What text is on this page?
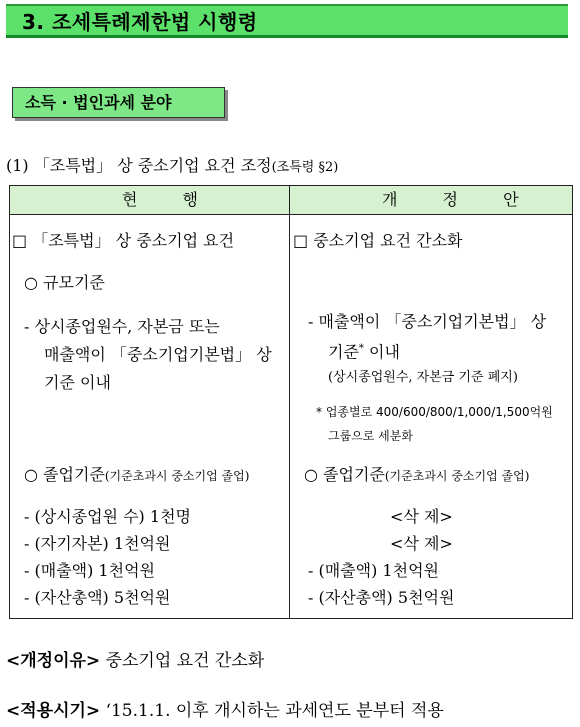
3. 조세특례제한법 시행령
소득 · 법인과세 분야
(1) 「조특법」 상 중소기업 요건 조정(조특령 §2)
현 행	개 정 안
□ 「조특법」 상 중소기업 요건
○ 규모기준
- 상시종업원수, 자본금 또는
매출액이 「중소기업기본법」 상
기준 이내
○ 졸업기준(기준초과시 중소기업 졸업)
- (상시종업원 수) 1천명
- (자기자본) 1천억원
- (매출액) 1천억원
- (자산총액) 5천억원
□ 중소기업 요건 간소화
- 매출액이 「중소기업기본법」 상
기준* 이내
(상시종업원수, 자본금 기준 폐지)
* 업종별로 400/600/800/1,000/1,500억원
그룹으로 세분화
○ 졸업기준(기준초과시 중소기업 졸업)
<삭 제>
<삭 제>
- (매출액) 1천억원
- (자산총액) 5천억원
<개정이유> 중소기업 요건 간소화
<적용시기> ‘15.1.1. 이후 개시하는 과세연도 분부터 적용
